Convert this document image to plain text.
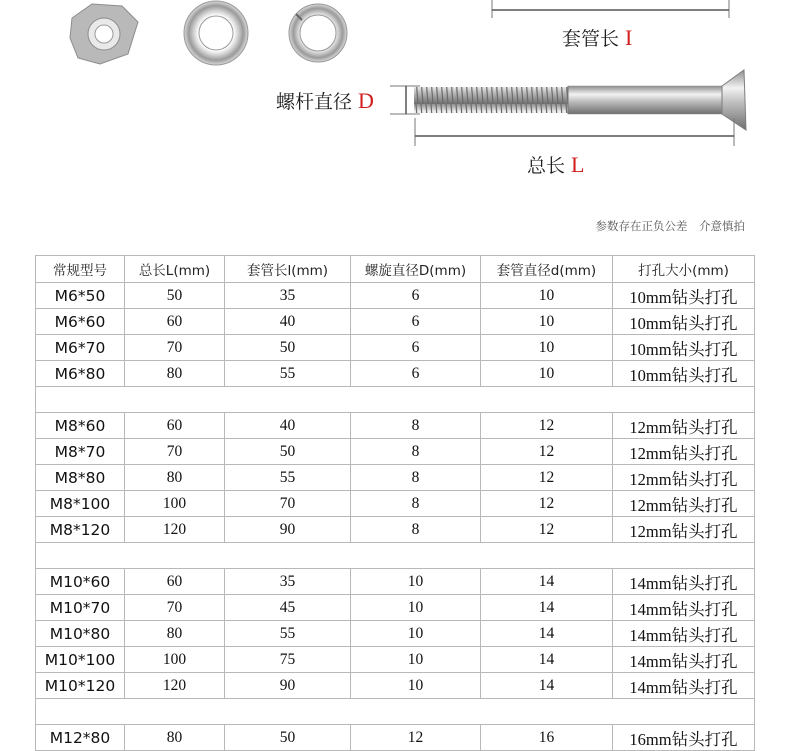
套管长 I
螺杆直径 D
总长 L
参数存在正负公差　介意慎拍
常规型号	总长L(mm)	套管长l(mm)	螺旋直径D(mm)	套管直径d(mm)	打孔大小(mm)
M6*50	50	35	6	10	10mm钻头打孔
M6*60	60	40	6	10	10mm钻头打孔
M6*70	70	50	6	10	10mm钻头打孔
M6*80	80	55	6	10	10mm钻头打孔

M8*60	60	40	8	12	12mm钻头打孔
M8*70	70	50	8	12	12mm钻头打孔
M8*80	80	55	8	12	12mm钻头打孔
M8*100	100	70	8	12	12mm钻头打孔
M8*120	120	90	8	12	12mm钻头打孔

M10*60	60	35	10	14	14mm钻头打孔
M10*70	70	45	10	14	14mm钻头打孔
M10*80	80	55	10	14	14mm钻头打孔
M10*100	100	75	10	14	14mm钻头打孔
M10*120	120	90	10	14	14mm钻头打孔

M12*80	80	50	12	16	16mm钻头打孔
